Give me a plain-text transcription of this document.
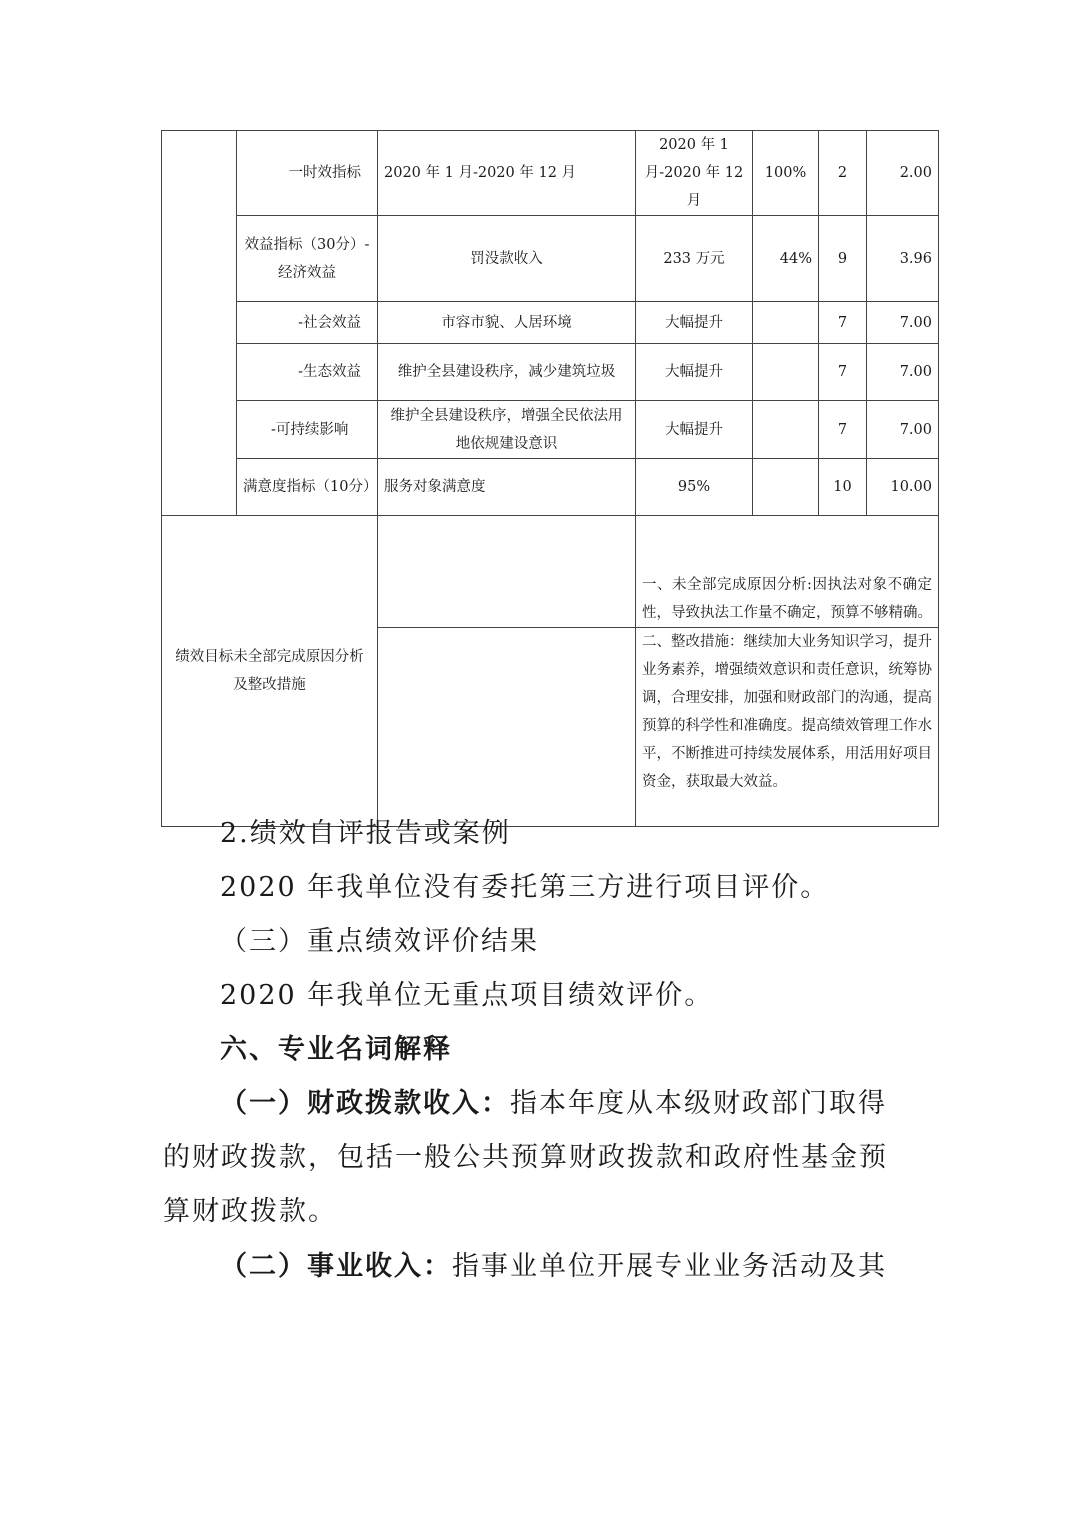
	一时效指标	2020 年 1 月-2020 年 12 月	2020 年 1 月-2020 年 12 月	100%	2	2.00
	效益指标（30分）-经济效益	罚没款收入	233 万元	44%	9	3.96
	-社会效益	市容市貌、人居环境	大幅提升		7	7.00
	-生态效益	维护全县建设秩序，减少建筑垃圾	大幅提升		7	7.00
	-可持续影响	维护全县建设秩序，增强全民依法用地依规建设意识	大幅提升		7	7.00
	满意度指标（10分）	服务对象满意度	95%		10	10.00
绩效目标未全部完成原因分析及整改措施			一、未全部完成原因分析:因执法对象不确定性，导致执法工作量不确定，预算不够精确。			
			二、整改措施：继续加大业务知识学习，提升业务素养，增强绩效意识和责任意识，统筹协调，合理安排，加强和财政部门的沟通，提高预算的科学性和准确度。提高绩效管理工作水平，不断推进可持续发展体系，用活用好项目资金，获取最大效益。			
2.绩效自评报告或案例
2020 年我单位没有委托第三方进行项目评价。
（三）重点绩效评价结果
2020 年我单位无重点项目绩效评价。
六、专业名词解释
（一）财政拨款收入：指本年度从本级财政部门取得
的财政拨款，包括一般公共预算财政拨款和政府性基金预
算财政拨款。
（二）事业收入：指事业单位开展专业业务活动及其
